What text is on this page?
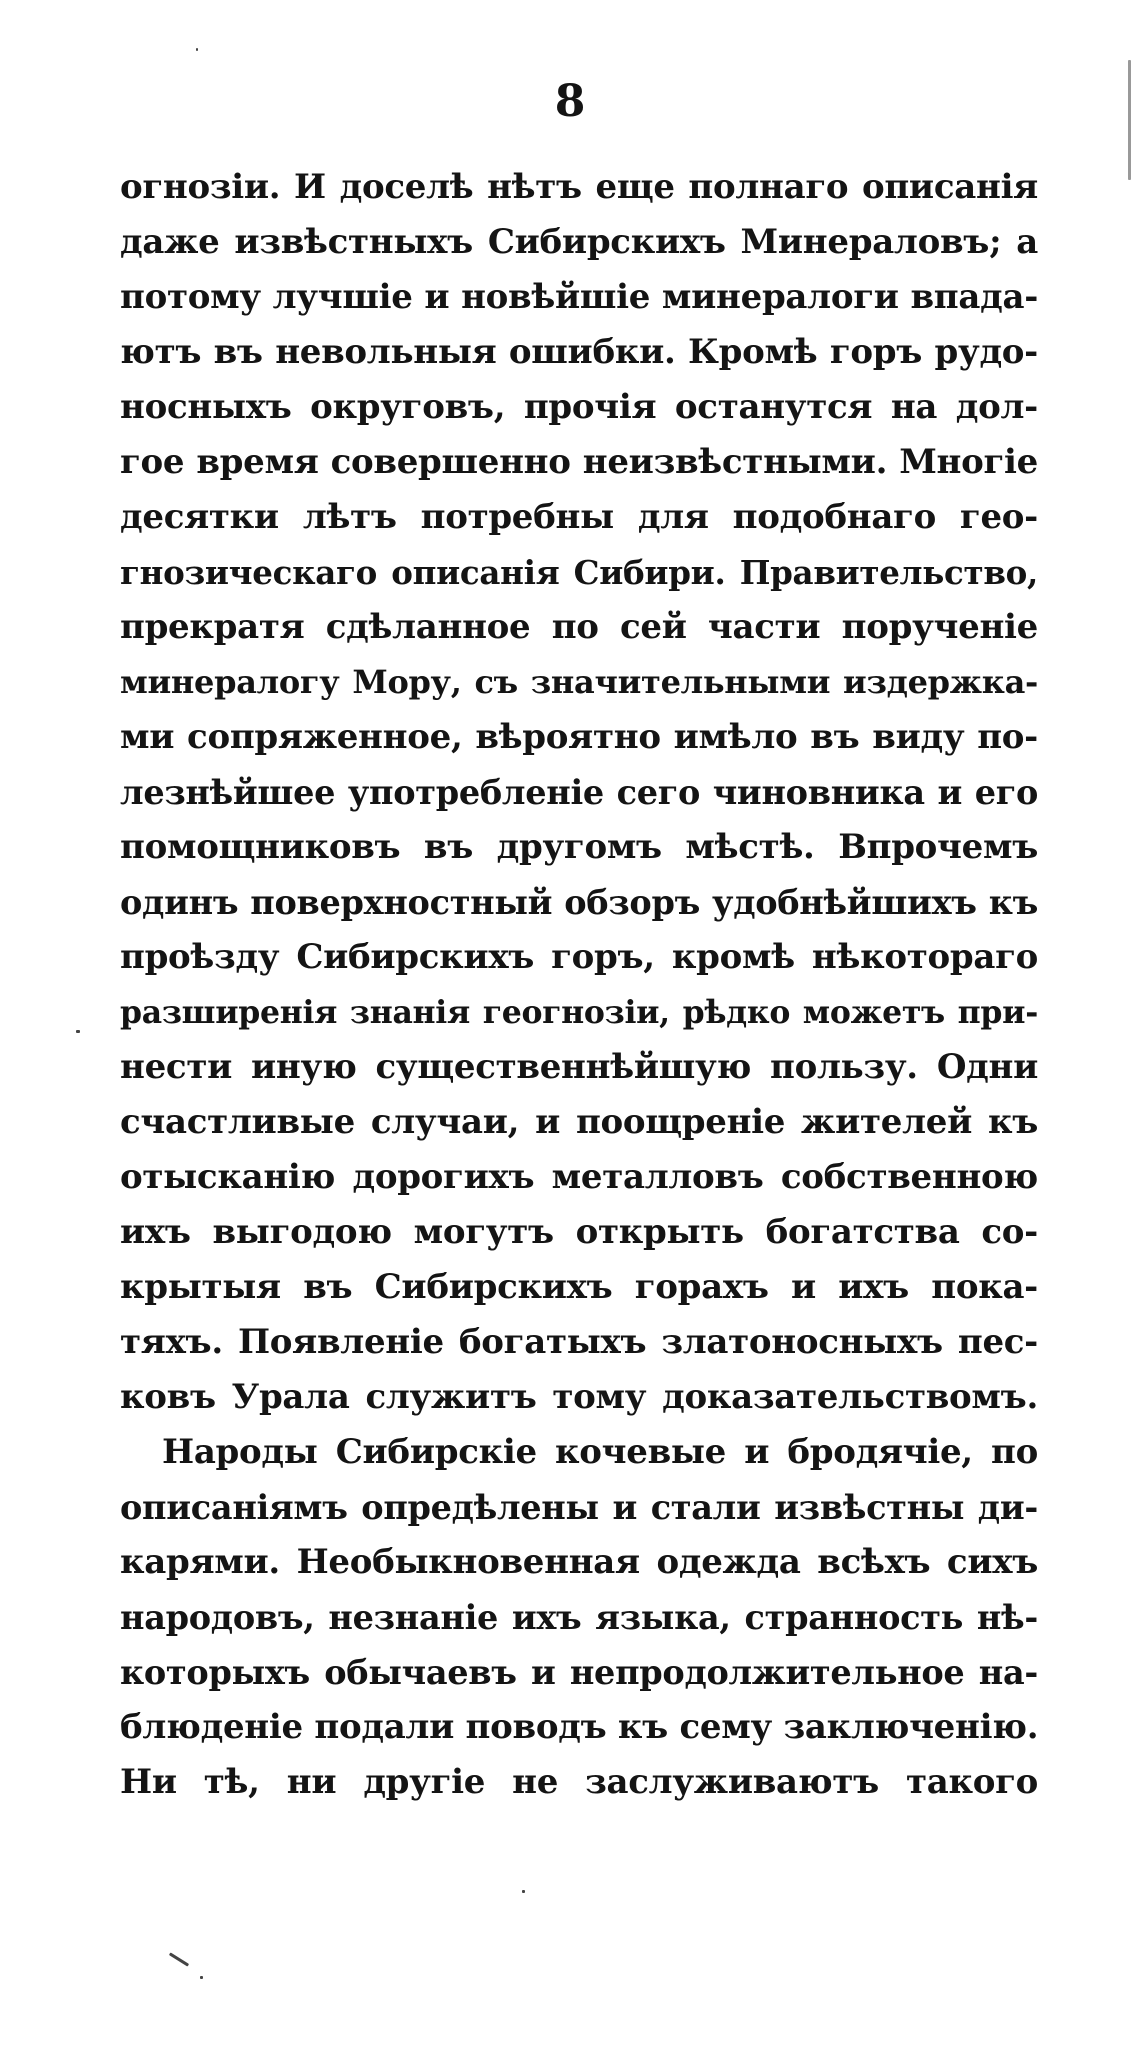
8
огнозіи. И доселѣ нѣтъ еще полнаго описанія
даже извѣстныхъ Сибирскихъ Минераловъ; а
потому лучшіе и новѣйшіе минералоги впада-
ютъ въ невольныя ошибки. Кромѣ горъ рудо-
носныхъ округовъ, прочія останутся на дол-
гое время совершенно неизвѣстными. Многіе
десятки лѣтъ потребны для подобнаго гео-
гнозическаго описанія Сибири. Правительство,
прекратя сдѣланное по сей части порученіе
минералогу Мору, съ значительными издержка-
ми сопряженное, вѣроятно имѣло въ виду по-
лезнѣйшее употребленіе сего чиновника и его
помощниковъ въ другомъ мѣстѣ. Впрочемъ
одинъ поверхностный обзоръ удобнѣйшихъ къ
проѣзду Сибирскихъ горъ, кромѣ нѣкотораго
разширенія знанія геогнозіи, рѣдко можетъ при-
нести иную существеннѣйшую пользу. Одни
счастливые случаи, и поощреніе жителей къ
отысканію дорогихъ металловъ собственною
ихъ выгодою могутъ открыть богатства со-
крытыя въ Сибирскихъ горахъ и ихъ пока-
тяхъ. Появленіе богатыхъ златоносныхъ пес-
ковъ Урала служитъ тому доказательствомъ.
Народы Сибирскіе кочевые и бродячіе, по
описаніямъ опредѣлены и стали извѣстны ди-
карями. Необыкновенная одежда всѣхъ сихъ
народовъ, незнаніе ихъ языка, странность нѣ-
которыхъ обычаевъ и непродолжительное на-
блюденіе подали поводъ къ сему заключенію.
Ни тѣ, ни другіе не заслуживаютъ такого
